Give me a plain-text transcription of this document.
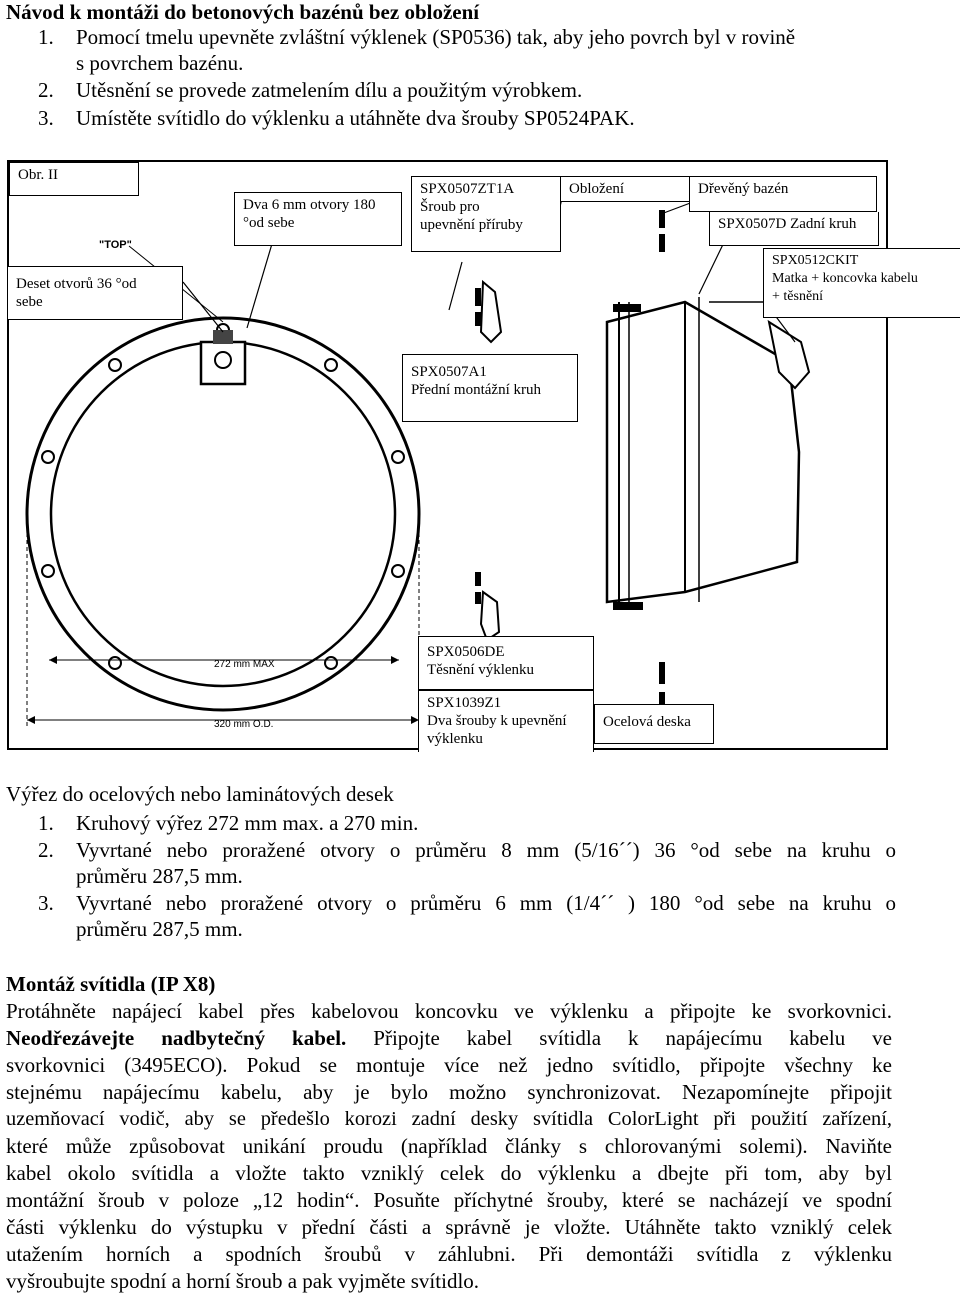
Návod k montáži do betonových bazénů bez obložení
1. Pomocí tmelu upevněte zvláštní výklenek (SP0536) tak, aby jeho povrch byl v rovině
s povrchem bazénu.
2. Utěsnění se provede zatmelením dílu a použitým výrobkem.
3. Umístěte svítidlo do výklenku a utáhněte dva šrouby SP0524PAK.
"TOP"
272 mm MAX
320 mm O.D.
Obr. II
Dva 6 mm otvory 180
°od sebe
SPX0507ZT1A
Šroub pro
upevnění příruby
Obložení	Dřevěný bazén
SPX0507D Zadní kruh
Deset otvorů 36 °od
sebe
SPX0512CKIT
Matka + koncovka kabelu
+ těsnění
SPX0507A1
Přední montážní kruh
SPX0506DE
Těsnění výklenku
SPX1039Z1
Dva šrouby k upevnění
výklenku
Ocelová deska
Výřez do ocelových nebo laminátových desek
1. Kruhový výřez 272 mm max. a 270 min.
2. Vyvrtané nebo proražené otvory o průměru 8 mm (5/16´´) 36 °od sebe na kruhu o
průměru 287,5 mm.
3. Vyvrtané nebo proražené otvory o průměru 6 mm (1/4´´ ) 180 °od sebe na kruhu o
průměru 287,5 mm.
Montáž svítidla (IP X8)
Protáhněte napájecí kabel přes kabelovou koncovku ve výklenku a připojte ke svorkovnici.
Neodřezávejte nadbytečný kabel. Připojte kabel svítidla k napájecímu kabelu ve
svorkovnici (3495ECO). Pokud se montuje více než jedno svítidlo, připojte všechny ke
stejnému napájecímu kabelu, aby je bylo možno synchronizovat. Nezapomínejte připojit
uzemňovací vodič, aby se předešlo korozi zadní desky svítidla ColorLight při použití zařízení,
které může způsobovat unikání proudu (například články s chlorovanými solemi). Naviňte
kabel okolo svítidla a vložte takto vzniklý celek do výklenku a dbejte při tom, aby byl
montážní šroub v poloze „12 hodin“. Posuňte příchytné šrouby, které se nacházejí ve spodní
části výklenku do výstupku v přední části a správně je vložte. Utáhněte takto vzniklý celek
utažením horních a spodních šroubů v záhlubni. Při demontáži svítidla z výklenku
vyšroubujte spodní a horní šroub a pak vyjměte svítidlo.
